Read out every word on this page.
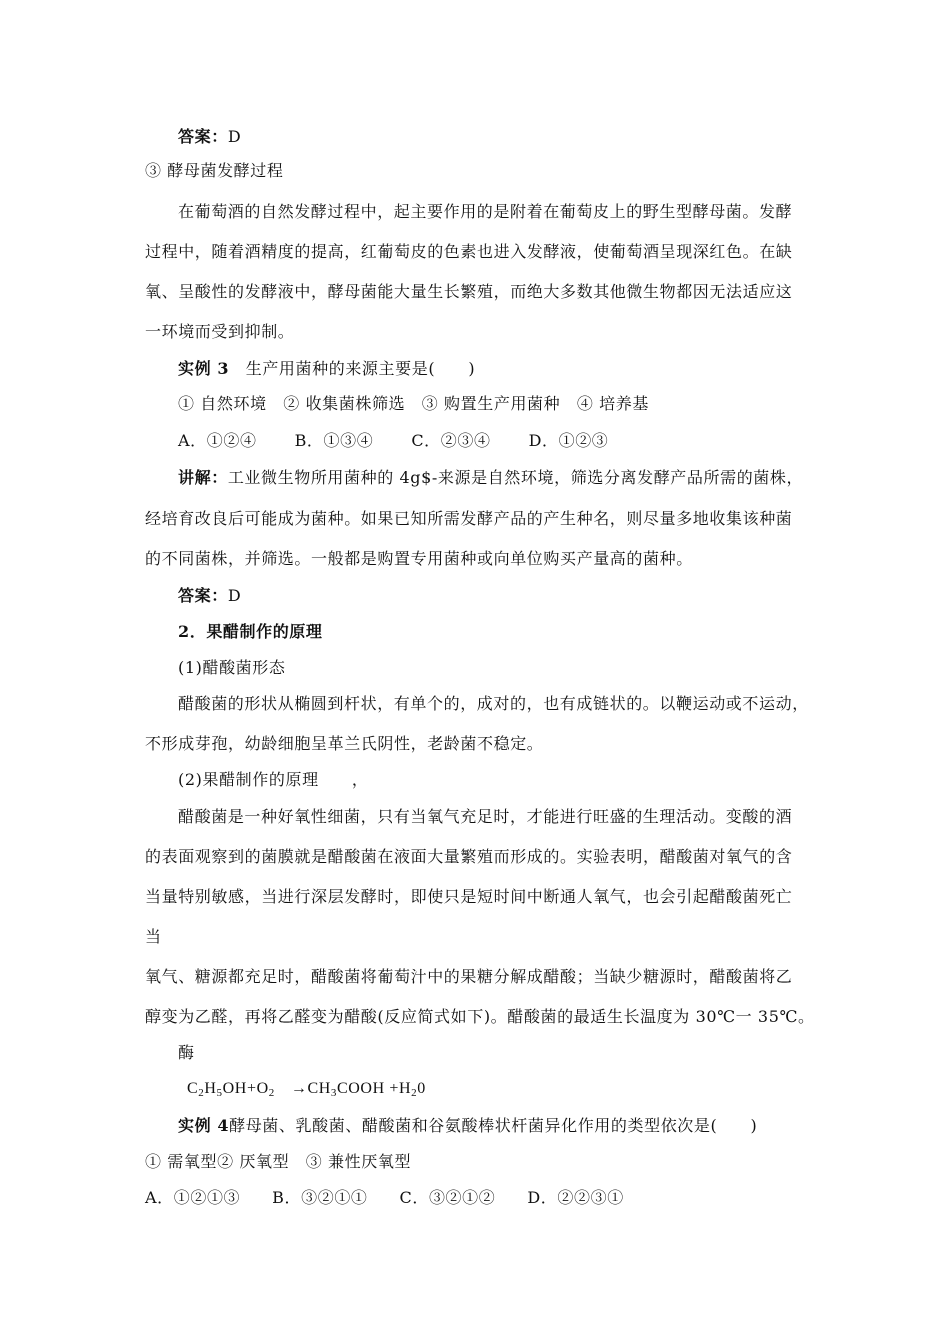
答案：D
③ 酵母菌发酵过程
在葡萄酒的自然发酵过程中，起主要作用的是附着在葡萄皮上的野生型酵母菌。发酵
过程中，随着酒精度的提高，红葡萄皮的色素也进入发酵液，使葡萄酒呈现深红色。在缺
氧、呈酸性的发酵液中，酵母菌能大量生长繁殖，而绝大多数其他微生物都因无法适应这
一环境而受到抑制。
实例 3　 生产用菌种的来源主要是(　　)
① 自然环境　② 收集菌株筛选　③ 购置生产用菌种　④ 培养基
A．①②④ B．①③④ C．②③④ D．①②③
讲解：工业微生物所用菌种的 4g$-来源是自然环境，筛选分离发酵产品所需的菌株，
经培育改良后可能成为菌种。如果已知所需发酵产品的产生种名，则尽量多地收集该种菌
的不同菌株，并筛选。一般都是购置专用菌种或向单位购买产量高的菌种。
答案：D
2．果醋制作的原理
(1)醋酸菌形态
醋酸菌的形状从椭圆到杆状，有单个的，成对的，也有成链状的。以鞭运动或不运动，
不形成芽孢，幼龄细胞呈革兰氏阴性，老龄菌不稳定。
(2)果醋制作的原理　　，
醋酸菌是一种好氧性细菌，只有当氧气充足时，才能进行旺盛的生理活动。变酸的酒
的表面观察到的菌膜就是醋酸菌在液面大量繁殖而形成的。实验表明，醋酸菌对氧气的含
当量特别敏感，当进行深层发酵时，即使只是短时间中断通人氧气，也会引起醋酸菌死亡
当
氧气、糖源都充足时，醋酸菌将葡萄汁中的果糖分解成醋酸；当缺少糖源时，醋酸菌将乙
醇变为乙醛，再将乙醛变为醋酸(反应简式如下)。醋酸菌的最适生长温度为 30℃一 35℃。
酶
$C_2H_5OH+O_2$ $\to CH_3COOH +H_20$
实例 4酵母菌、乳酸菌、醋酸菌和谷氨酸棒状杆菌异化作用的类型依次是(　　)
① 需氧型② 厌氧型　③ 兼性厌氧型
A．①②①③ B．③②①① C．③②①② D．②②③①
